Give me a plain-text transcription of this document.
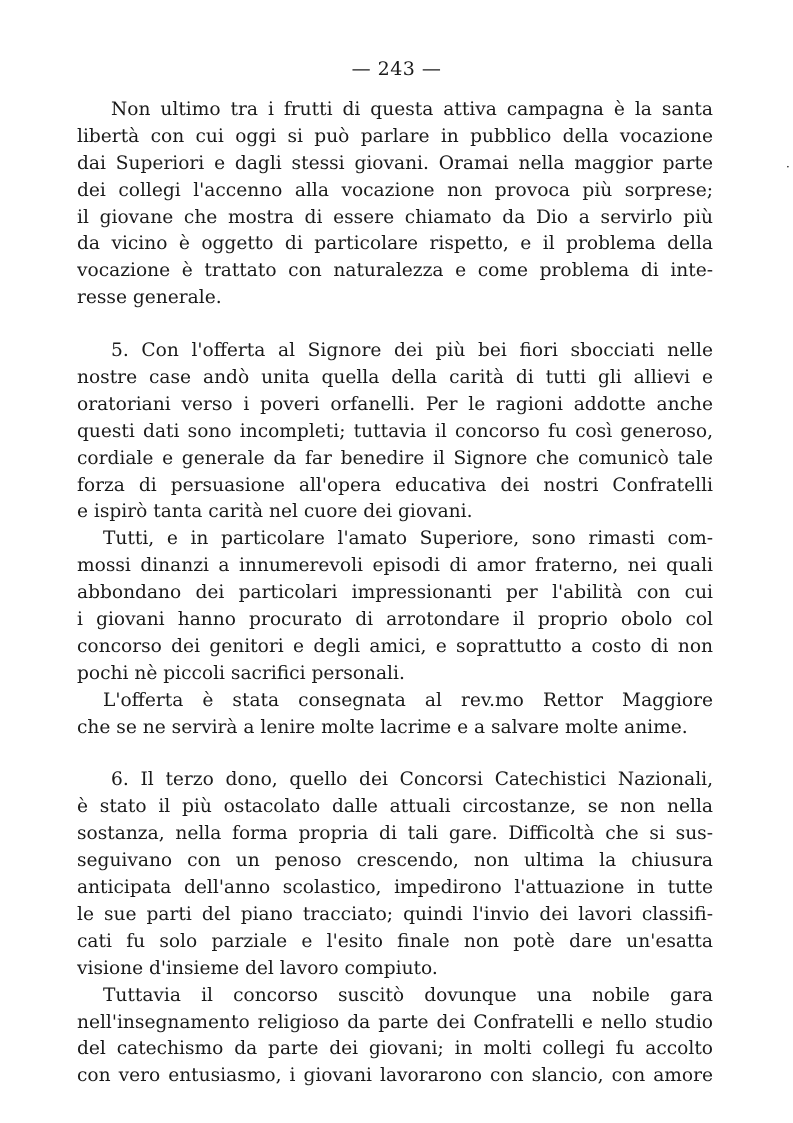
— 243 —
·
Non ultimo tra i frutti di questa attiva campagna è la santa
libertà con cui oggi si può parlare in pubblico della vocazione
dai Superiori e dagli stessi giovani. Oramai nella maggior parte
dei collegi l'accenno alla vocazione non provoca più sorprese;
il giovane che mostra di essere chiamato da Dio a servirlo più
da vicino è oggetto di particolare rispetto, e il problema della
vocazione è trattato con naturalezza e come problema di inte-
resse generale.
5. Con l'offerta al Signore dei più bei fiori sbocciati nelle
nostre case andò unita quella della carità di tutti gli allievi e
oratoriani verso i poveri orfanelli. Per le ragioni addotte anche
questi dati sono incompleti; tuttavia il concorso fu così generoso,
cordiale e generale da far benedire il Signore che comunicò tale
forza di persuasione all'opera educativa dei nostri Confratelli
e ispirò tanta carità nel cuore dei giovani.
Tutti, e in particolare l'amato Superiore, sono rimasti com-
mossi dinanzi a innumerevoli episodi di amor fraterno, nei quali
abbondano dei particolari impressionanti per l'abilità con cui
i giovani hanno procurato di arrotondare il proprio obolo col
concorso dei genitori e degli amici, e soprattutto a costo di non
pochi nè piccoli sacrifici personali.
L'offerta è stata consegnata al rev.mo Rettor Maggiore
che se ne servirà a lenire molte lacrime e a salvare molte anime.
6. Il terzo dono, quello dei Concorsi Catechistici Nazionali,
è stato il più ostacolato dalle attuali circostanze, se non nella
sostanza, nella forma propria di tali gare. Difficoltà che si sus-
seguivano con un penoso crescendo, non ultima la chiusura
anticipata dell'anno scolastico, impedirono l'attuazione in tutte
le sue parti del piano tracciato; quindi l'invio dei lavori classifi-
cati fu solo parziale e l'esito finale non potè dare un'esatta
visione d'insieme del lavoro compiuto.
Tuttavia il concorso suscitò dovunque una nobile gara
nell'insegnamento religioso da parte dei Confratelli e nello studio
del catechismo da parte dei giovani; in molti collegi fu accolto
con vero entusiasmo, i giovani lavorarono con slancio, con amore
